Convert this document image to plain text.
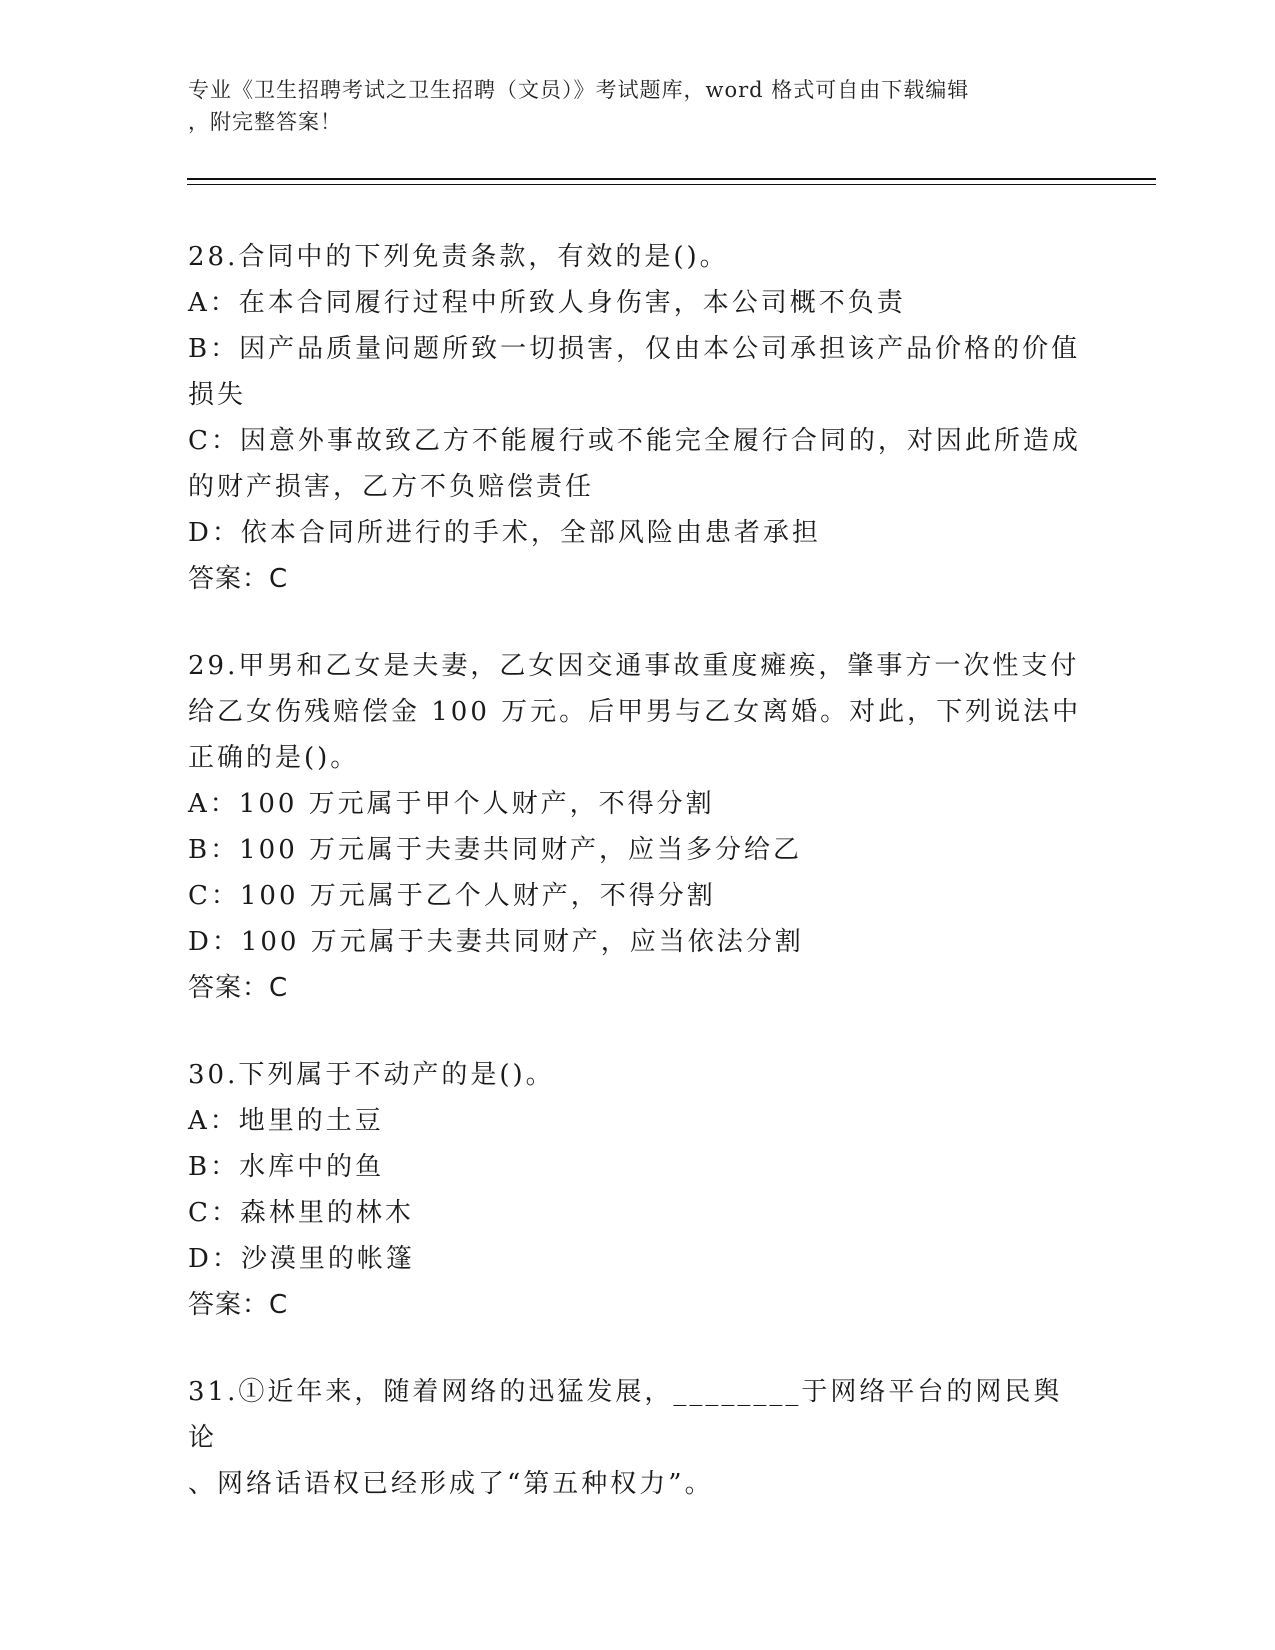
专业《卫生招聘考试之卫生招聘（文员）》考试题库，word 格式可自由下载编辑
，附完整答案！
28.合同中的下列免责条款，有效的是()。
A：在本合同履行过程中所致人身伤害，本公司概不负责
B：因产品质量问题所致一切损害，仅由本公司承担该产品价格的价值
损失
C：因意外事故致乙方不能履行或不能完全履行合同的，对因此所造成
的财产损害，乙方不负赔偿责任
D：依本合同所进行的手术，全部风险由患者承担
答案：C
29.甲男和乙女是夫妻，乙女因交通事故重度瘫痪，肇事方一次性支付
给乙女伤残赔偿金 100 万元。后甲男与乙女离婚。对此，下列说法中
正确的是()。
A：100 万元属于甲个人财产，不得分割
B：100 万元属于夫妻共同财产，应当多分给乙
C：100 万元属于乙个人财产，不得分割
D：100 万元属于夫妻共同财产，应当依法分割
答案：C
30.下列属于不动产的是()。
A：地里的土豆
B：水库中的鱼
C：森林里的林木
D：沙漠里的帐篷
答案：C
31.①近年来，随着网络的迅猛发展，________于网络平台的网民舆论
、网络话语权已经形成了“第五种权力”。
